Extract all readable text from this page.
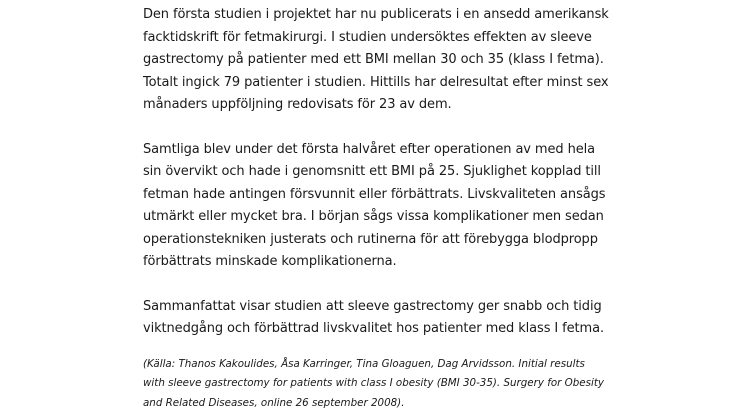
Den första studien i projektet har nu publicerats i en ansedd amerikansk
facktidskrift för fetmakirurgi. I studien undersöktes effekten av sleeve
gastrectomy på patienter med ett BMI mellan 30 och 35 (klass I fetma).
Totalt ingick 79 patienter i studien. Hittills har delresultat efter minst sex
månaders uppföljning redovisats för 23 av dem.

Samtliga blev under det första halvåret efter operationen av med hela
sin övervikt och hade i genomsnitt ett BMI på 25. Sjuklighet kopplad till
fetman hade antingen försvunnit eller förbättrats. Livskvaliteten ansågs
utmärkt eller mycket bra. I början sågs vissa komplikationer men sedan
operationstekniken justerats och rutinerna för att förebygga blodpropp
förbättrats minskade komplikationerna.

Sammanfattat visar studien att sleeve gastrectomy ger snabb och tidig
viktnedgång och förbättrad livskvalitet hos patienter med klass I fetma.

(Källa: Thanos Kakoulides, Åsa Karringer, Tina Gloaguen, Dag Arvidsson. Initial results
with sleeve gastrectomy for patients with class I obesity (BMI 30-35). Surgery for Obesity
and Related Diseases, online 26 september 2008).
